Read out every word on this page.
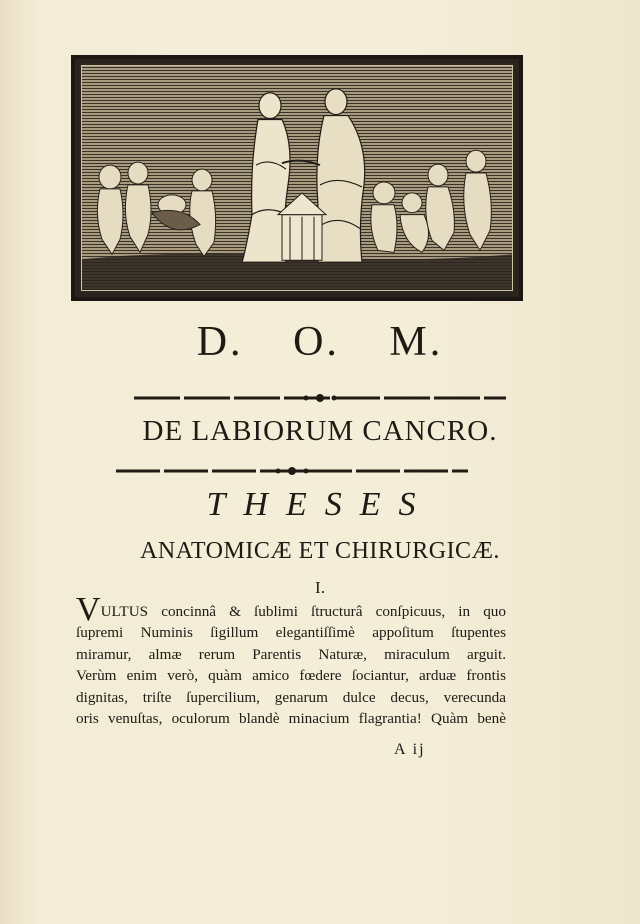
D. O. M.
DE LABIORUM CANCRO.
THESES
ANATOMICÆ ET CHIRURGICÆ.
I.
VULTUS concinnâ & ſublimi ſtructurâ conſpicuus, in quo
ſupremi Numinis ſigillum elegantiſſimè appoſitum ſtupentes
miramur, almæ rerum Parentis Naturæ, miraculum arguit.
Verùm enim verò, quàm amico fœdere ſociantur, arduæ frontis
dignitas, triſte ſupercilium, genarum dulce decus, verecunda
oris venuſtas, oculorum blandè minacium flagrantia! Quàm benè
A ij
